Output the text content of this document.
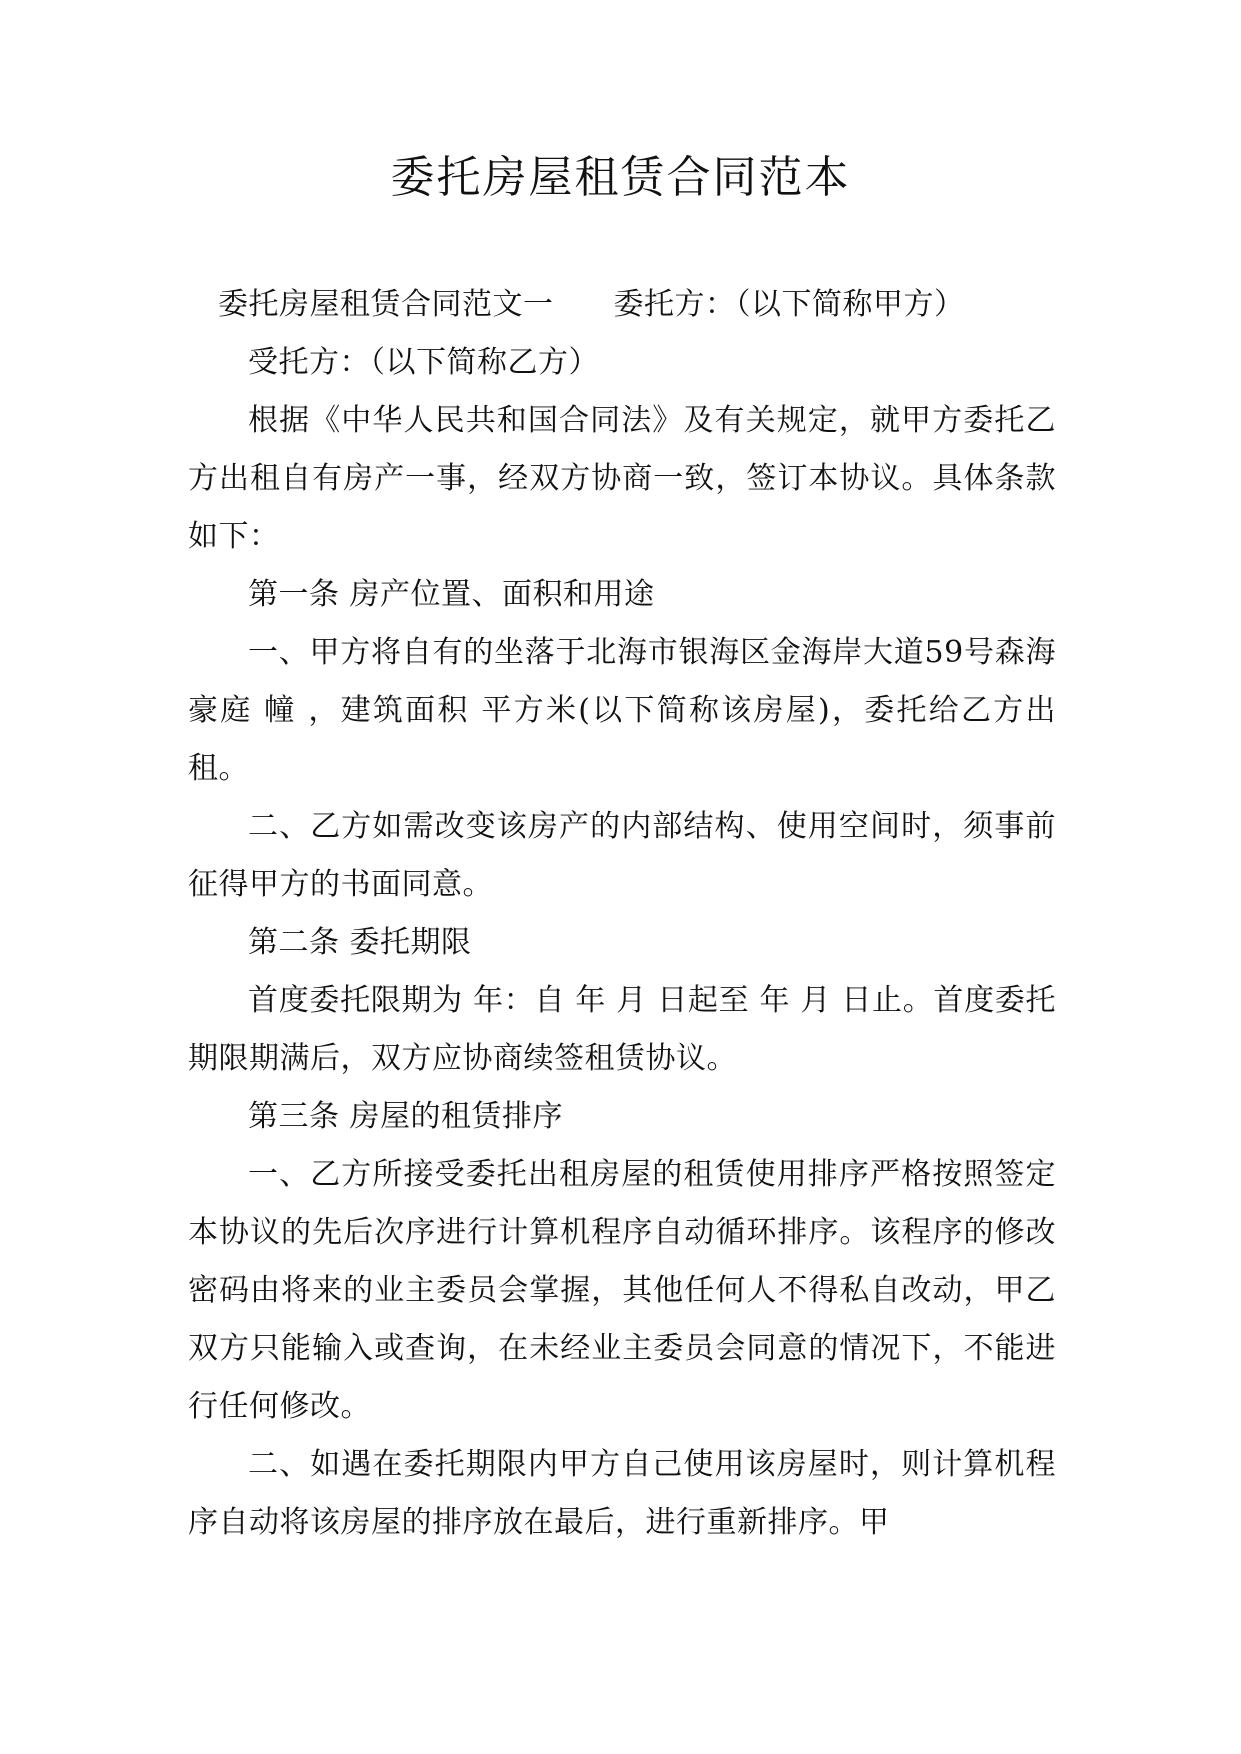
委托房屋租赁合同范本

委托房屋租赁合同范文一 委托方：（以下简称甲方）

受托方：（以下简称乙方）

根据《中华人民共和国合同法》及有关规定，就甲方委托乙方出租自有房产一事，经双方协商一致，签订本协议。具体条款如下：

第一条 房产位置、面积和用途

一、甲方将自有的坐落于北海市银海区金海岸大道59号森海豪庭 幢 ，建筑面积 平方米(以下简称该房屋)，委托给乙方出租。

二、乙方如需改变该房产的内部结构、使用空间时，须事前征得甲方的书面同意。

第二条 委托期限

首度委托限期为 年：自 年 月 日起至 年 月 日止。首度委托期限期满后，双方应协商续签租赁协议。

第三条 房屋的租赁排序

一、乙方所接受委托出租房屋的租赁使用排序严格按照签定本协议的先后次序进行计算机程序自动循环排序。该程序的修改密码由将来的业主委员会掌握，其他任何人不得私自改动，甲乙双方只能输入或查询，在未经业主委员会同意的情况下，不能进行任何修改。

二、如遇在委托期限内甲方自己使用该房屋时，则计算机程序自动将该房屋的排序放在最后，进行重新排序。甲
